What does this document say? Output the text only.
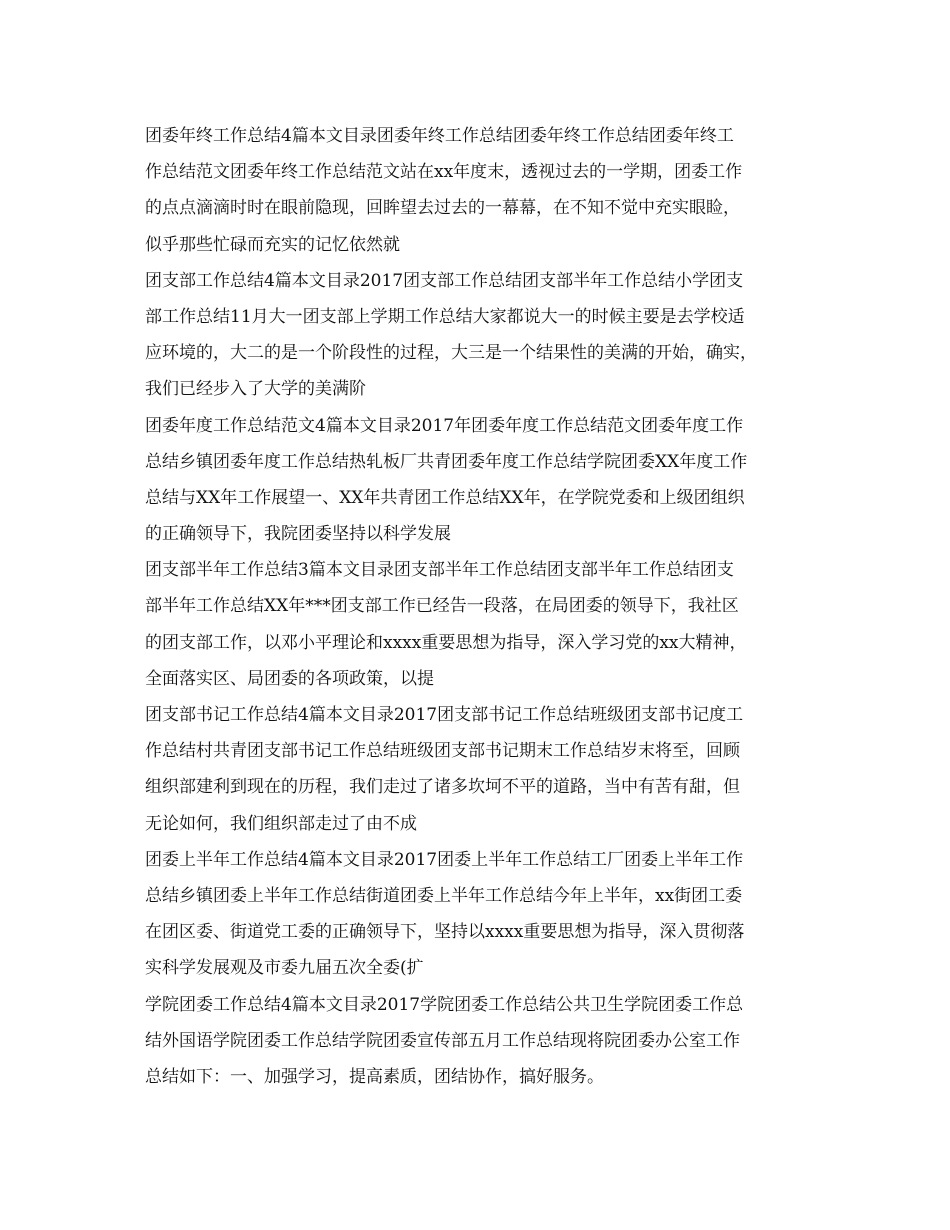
团委年终工作总结4篇本文目录团委年终工作总结团委年终工作总结团委年终工
作总结范文团委年终工作总结范文站在xx年度末，透视过去的一学期，团委工作
的点点滴滴时时在眼前隐现，回眸望去过去的一幕幕，在不知不觉中充实眼睑，
似乎那些忙碌而充实的记忆依然就
团支部工作总结4篇本文目录2017团支部工作总结团支部半年工作总结小学团支
部工作总结11月大一团支部上学期工作总结大家都说大一的时候主要是去学校适
应环境的，大二的是一个阶段性的过程，大三是一个结果性的美满的开始，确实，
我们已经步入了大学的美满阶
团委年度工作总结范文4篇本文目录2017年团委年度工作总结范文团委年度工作
总结乡镇团委年度工作总结热轧板厂共青团委年度工作总结学院团委XX年度工作
总结与XX年工作展望一、XX年共青团工作总结XX年，在学院党委和上级团组织
的正确领导下，我院团委坚持以科学发展
团支部半年工作总结3篇本文目录团支部半年工作总结团支部半年工作总结团支
部半年工作总结XX年***团支部工作已经告一段落，在局团委的领导下，我社区
的团支部工作，以邓小平理论和xxxx重要思想为指导，深入学习党的xx大精神，
全面落实区、局团委的各项政策，以提
团支部书记工作总结4篇本文目录2017团支部书记工作总结班级团支部书记度工
作总结村共青团支部书记工作总结班级团支部书记期末工作总结岁末将至，回顾
组织部建利到现在的历程，我们走过了诸多坎坷不平的道路，当中有苦有甜，但
无论如何，我们组织部走过了由不成
团委上半年工作总结4篇本文目录2017团委上半年工作总结工厂团委上半年工作
总结乡镇团委上半年工作总结街道团委上半年工作总结今年上半年，xx街团工委
在团区委、街道党工委的正确领导下，坚持以xxxx重要思想为指导，深入贯彻落
实科学发展观及市委九届五次全委(扩
学院团委工作总结4篇本文目录2017学院团委工作总结公共卫生学院团委工作总
结外国语学院团委工作总结学院团委宣传部五月工作总结现将院团委办公室工作
总结如下：一、加强学习，提高素质，团结协作，搞好服务。
